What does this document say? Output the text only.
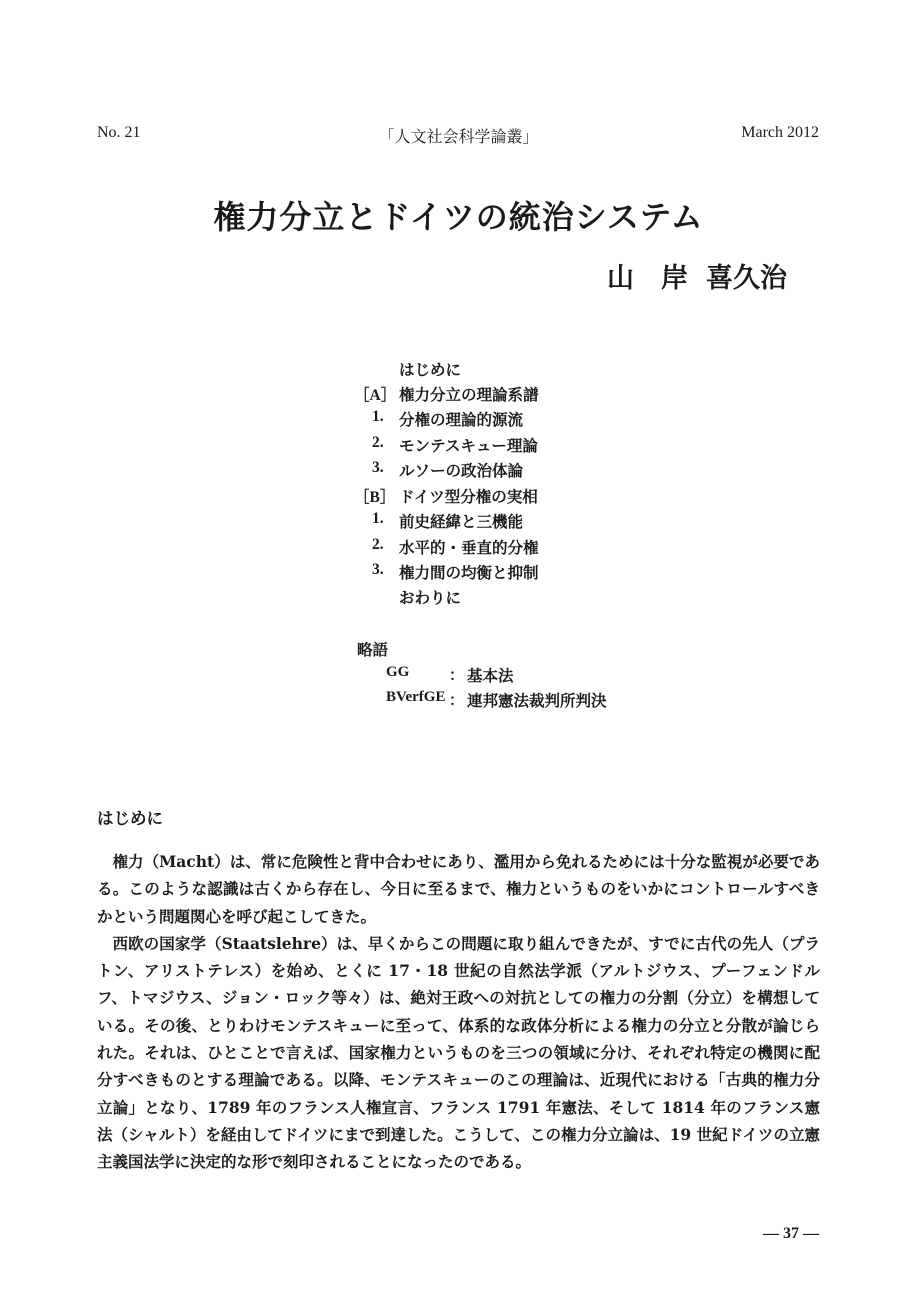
No. 21	「人文社会科学論叢」	March 2012
権力分立とドイツの統治システム
山　岸 喜久治
はじめに
［A］ 権力分立の理論系譜
1. 分権の理論的源流
2. モンテスキュー理論
3. ルソーの政治体論
［B］ ドイツ型分権の実相
1. 前史経緯と三機能
2. 水平的・垂直的分権
3. 権力間の均衡と抑制
おわりに
略語
GG	： 基本法
BVerfGE ： 連邦憲法裁判所判決
はじめに

権力（Macht）は、常に危険性と背中合わせにあり、濫用から免れるためには十分な監視が必要である。このような認識は古くから存在し、今日に至るまで、権力というものをいかにコントロールすべきかという問題関心を呼び起こしてきた。

西欧の国家学（Staatslehre）は、早くからこの問題に取り組んできたが、すでに古代の先人（プラトン、アリストテレス）を始め、とくに 17・18 世紀の自然法学派（アルトジウス、プーフェンドルフ、トマジウス、ジョン・ロック等々）は、絶対王政への対抗としての権力の分割（分立）を構想している。その後、とりわけモンテスキューに至って、体系的な政体分析による権力の分立と分散が論じられた。それは、ひとことで言えば、国家権力というものを三つの領域に分け、それぞれ特定の機関に配分すべきものとする理論である。以降、モンテスキューのこの理論は、近現代における「古典的権力分立論」となり、1789 年のフランス人権宣言、フランス 1791 年憲法、そして 1814 年のフランス憲法（シャルト）を経由してドイツにまで到達した。こうして、この権力分立論は、19 世紀ドイツの立憲主義国法学に決定的な形で刻印されることになったのである。

— 37 —
